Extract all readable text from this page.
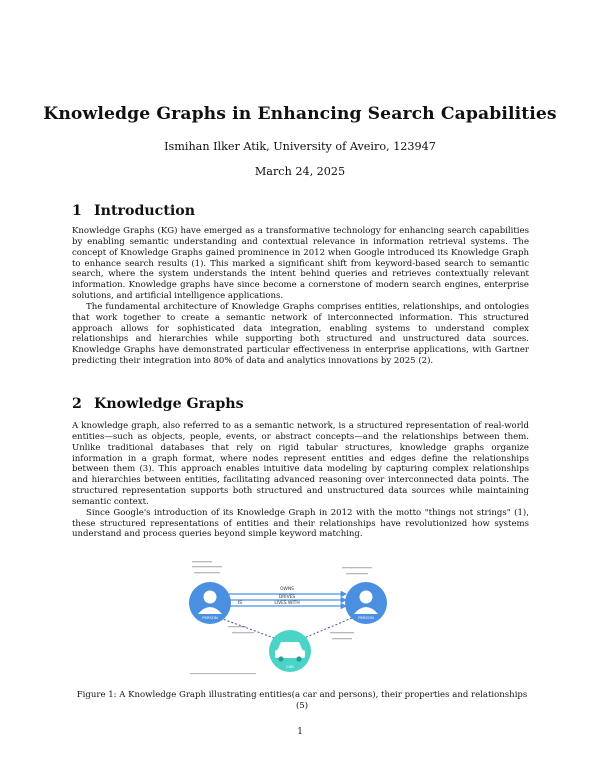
Knowledge Graphs in Enhancing Search Capabilities
Ismihan Ilker Atik, University of Aveiro, 123947
March 24, 2025
1 Introduction

Knowledge Graphs (KG) have emerged as a transformative technology for enhancing search capabilities by enabling semantic understanding and contextual relevance in information retrieval systems. The concept of Knowledge Graphs gained prominence in 2012 when Google introduced its Knowledge Graph to enhance search results (1). This marked a significant shift from keyword-based search to semantic search, where the system understands the intent behind queries and retrieves contextually relevant information. Knowledge graphs have since become a cornerstone of modern search engines, enterprise solutions, and artificial intelligence applications.

The fundamental architecture of Knowledge Graphs comprises entities, relationships, and ontologies that work together to create a semantic network of interconnected information. This structured approach allows for sophisticated data integration, enabling systems to understand complex relationships and hierarchies while supporting both structured and unstructured data sources. Knowledge Graphs have demonstrated particular effectiveness in enterprise applications, with Gartner predicting their integration into 80% of data and analytics innovations by 2025 (2).

2 Knowledge Graphs

A knowledge graph, also referred to as a semantic network, is a structured representation of real-world entities—such as objects, people, events, or abstract concepts—and the relationships between them. Unlike traditional databases that rely on rigid tabular structures, knowledge graphs organize information in a graph format, where nodes represent entities and edges define the relationships between them (3). This approach enables intuitive data modeling by capturing complex relationships and hierarchies between entities, facilitating advanced reasoning over interconnected data points. The structured representation supports both structured and unstructured data sources while maintaining semantic context.

Since Google's introduction of its Knowledge Graph in 2012 with the motto "things not strings" (1), these structured representations of entities and their relationships have revolutionized how systems understand and process queries beyond simple keyword matching.

OWNS
DRIVES
LIVES WITH
IS
PERSON	PERSON
CAR
Figure 1: A Knowledge Graph illustrating entities(a car and persons), their properties and relationships (5)
1
